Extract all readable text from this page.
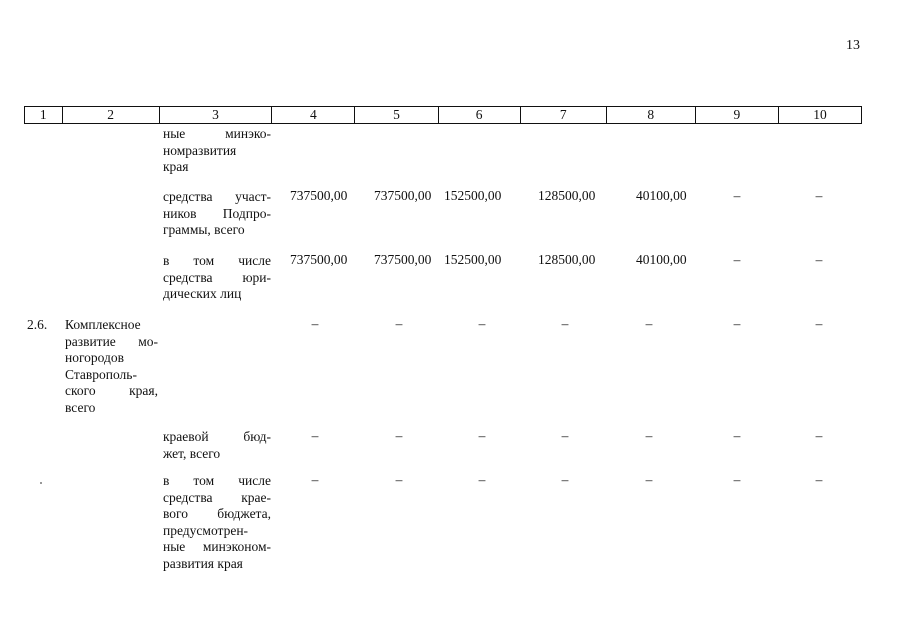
13
1	2	3	4	5	6	7	8	9	10
ные минэко-
номразвития
края
средства участ-
ников Подпро-
граммы, всего
737500,00 737500,00 152500,00	128500,00	40100,00	–	–
в том числе
средства юри-
дических лиц
737500,00 737500,00 152500,00	128500,00	40100,00	–	–
2.6. Комплексное
развитие мо-
ногородов
Ставрополь-
ского края,
всего
–	–	–	–	–	–	–
краевой бюд-
жет, всего
–	–	–	–	–	–	–
в том числе
средства крае-
вого бюджета,
предусмотрен-
ные минэконом-
развития края
–	–	–	–	–	–	–
